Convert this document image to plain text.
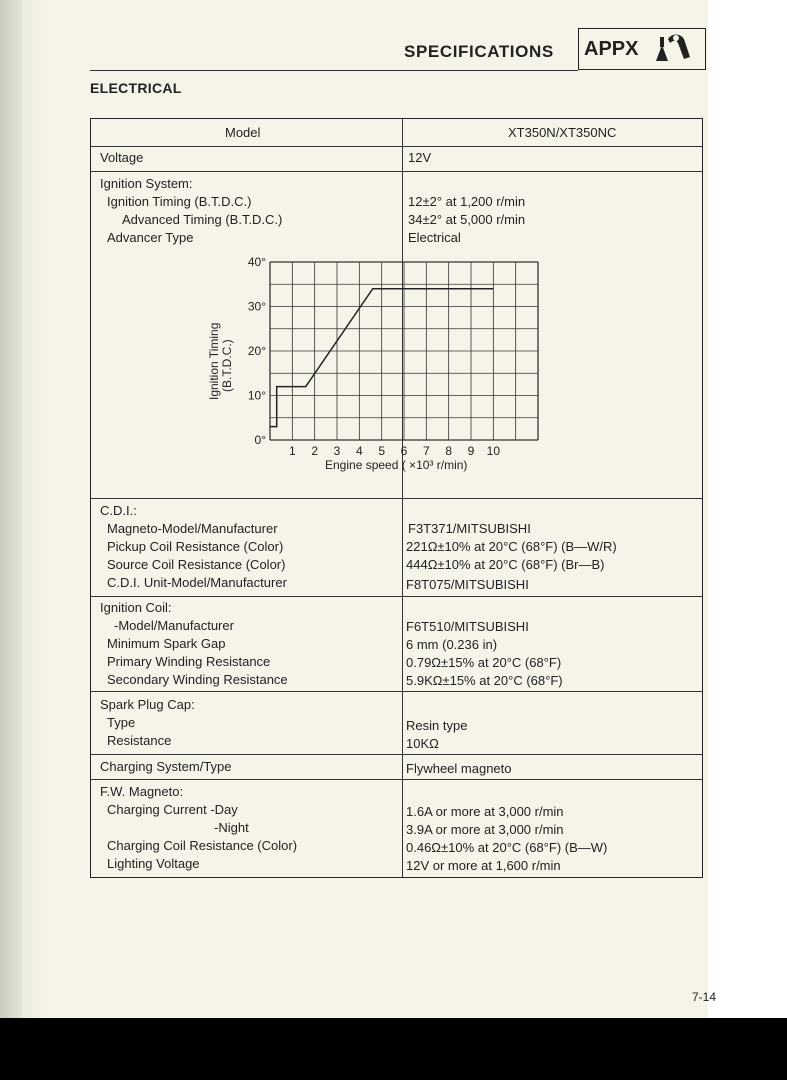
SPECIFICATIONS APPX
ELECTRICAL
Model	XT350N/XT350NC
Voltage	12V
Ignition System:
Ignition Timing (B.T.D.C.)	12±2° at 1,200 r/min
Advanced Timing (B.T.D.C.)	34±2° at 5,000 r/min
Advancer Type	Electrical
0°
10°
20°
30°
40°
1 2 3 4 5 6 7 8 9 10
Ignition Timing (B.T.D.C.)
Engine speed ( ×10³ r/min)
C.D.I.:
Magneto-Model/Manufacturer	F3T371/MITSUBISHI
Pickup Coil Resistance (Color)	221Ω±10% at 20°C (68°F) (B—W/R)
Source Coil Resistance (Color)	444Ω±10% at 20°C (68°F) (Br—B)
C.D.I. Unit-Model/Manufacturer	F8T075/MITSUBISHI
Ignition Coil:
-Model/Manufacturer	F6T510/MITSUBISHI
Minimum Spark Gap	6 mm (0.236 in)
Primary Winding Resistance	0.79Ω±15% at 20°C (68°F)
Secondary Winding Resistance	5.9KΩ±15% at 20°C (68°F)
Spark Plug Cap:
Type	Resin type
Resistance	10KΩ
Charging System/Type	Flywheel magneto
F.W. Magneto:
Charging Current -Day	1.6A or more at 3,000 r/min
-Night	3.9A or more at 3,000 r/min
Charging Coil Resistance (Color)	0.46Ω±10% at 20°C (68°F) (B—W)
Lighting Voltage	12V or more at 1,600 r/min
7-14
